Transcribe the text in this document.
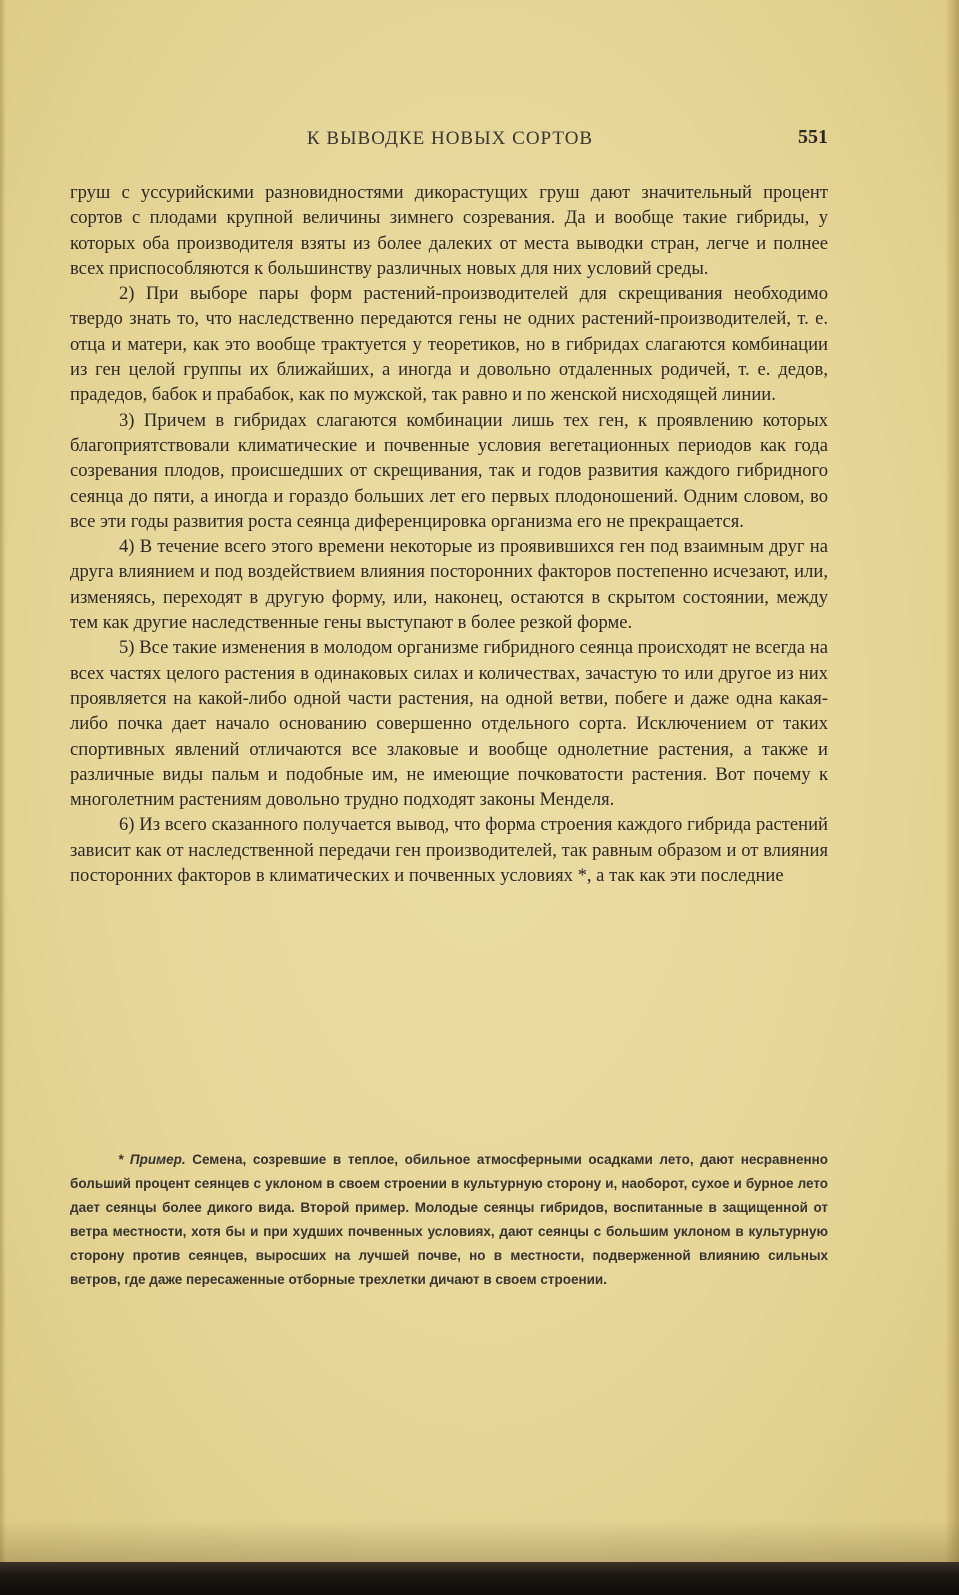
К ВЫВОДКЕ НОВЫХ СОРТОВ	551

груш с уссурийскими разновидностями дикорастущих груш дают значительный процент сортов с плодами крупной величины зимнего созревания. Да и вообще такие гибриды, у которых оба производителя взяты из более далеких от места выводки стран, легче и полнее всех приспособляются к большинству различных новых для них условий среды.

2) При выборе пары форм растений-производителей для скрещивания необходимо твердо знать то, что наследственно передаются гены не одних растений-производителей, т. е. отца и матери, как это вообще трактуется у теоретиков, но в гибридах слагаются комбинации из ген целой группы их ближайших, а иногда и довольно отдаленных родичей, т. е. дедов, прадедов, бабок и прабабок, как по мужской, так равно и по женской нисходящей линии.

3) Причем в гибридах слагаются комбинации лишь тех ген, к проявлению которых благоприятствовали климатические и почвенные условия вегетационных периодов как года созревания плодов, происшедших от скрещивания, так и годов развития каждого гибридного сеянца до пяти, а иногда и гораздо больших лет его первых плодоношений. Одним словом, во все эти годы развития роста сеянца диференцировка организма его не прекращается.

4) В течение всего этого времени некоторые из проявившихся ген под взаимным друг на друга влиянием и под воздействием влияния посторонних факторов постепенно исчезают, или, изменяясь, переходят в другую форму, или, наконец, остаются в скрытом состоянии, между тем как другие наследственные гены выступают в более резкой форме.

5) Все такие изменения в молодом организме гибридного сеянца происходят не всегда на всех частях целого растения в одинаковых силах и количествах, зачастую то или другое из них проявляется на какой-либо одной части растения, на одной ветви, побеге и даже одна какая-либо почка дает начало основанию совершенно отдельного сорта. Исключением от таких спортивных явлений отличаются все злаковые и вообще однолетние растения, а также и различные виды пальм и подобные им, не имеющие почковатости растения. Вот почему к многолетним растениям довольно трудно подходят законы Менделя.

6) Из всего сказанного получается вывод, что форма строения каждого гибрида растений зависит как от наследственной передачи ген производителей, так равным образом и от влияния посторонних факторов в климатических и почвенных условиях *, а так как эти последние

* Пример. Семена, созревшие в теплое, обильное атмосферными осадками лето, дают несравненно больший процент сеянцев с уклоном в своем строении в культурную сторону и, наоборот, сухое и бурное лето дает сеянцы более дикого вида. Второй пример. Молодые сеянцы гибридов, воспитанные в защищенной от ветра местности, хотя бы и при худших почвенных условиях, дают сеянцы с большим уклоном в культурную сторону против сеянцев, выросших на лучшей почве, но в местности, подверженной влиянию сильных ветров, где даже пересаженные отборные трехлетки дичают в своем строении.
